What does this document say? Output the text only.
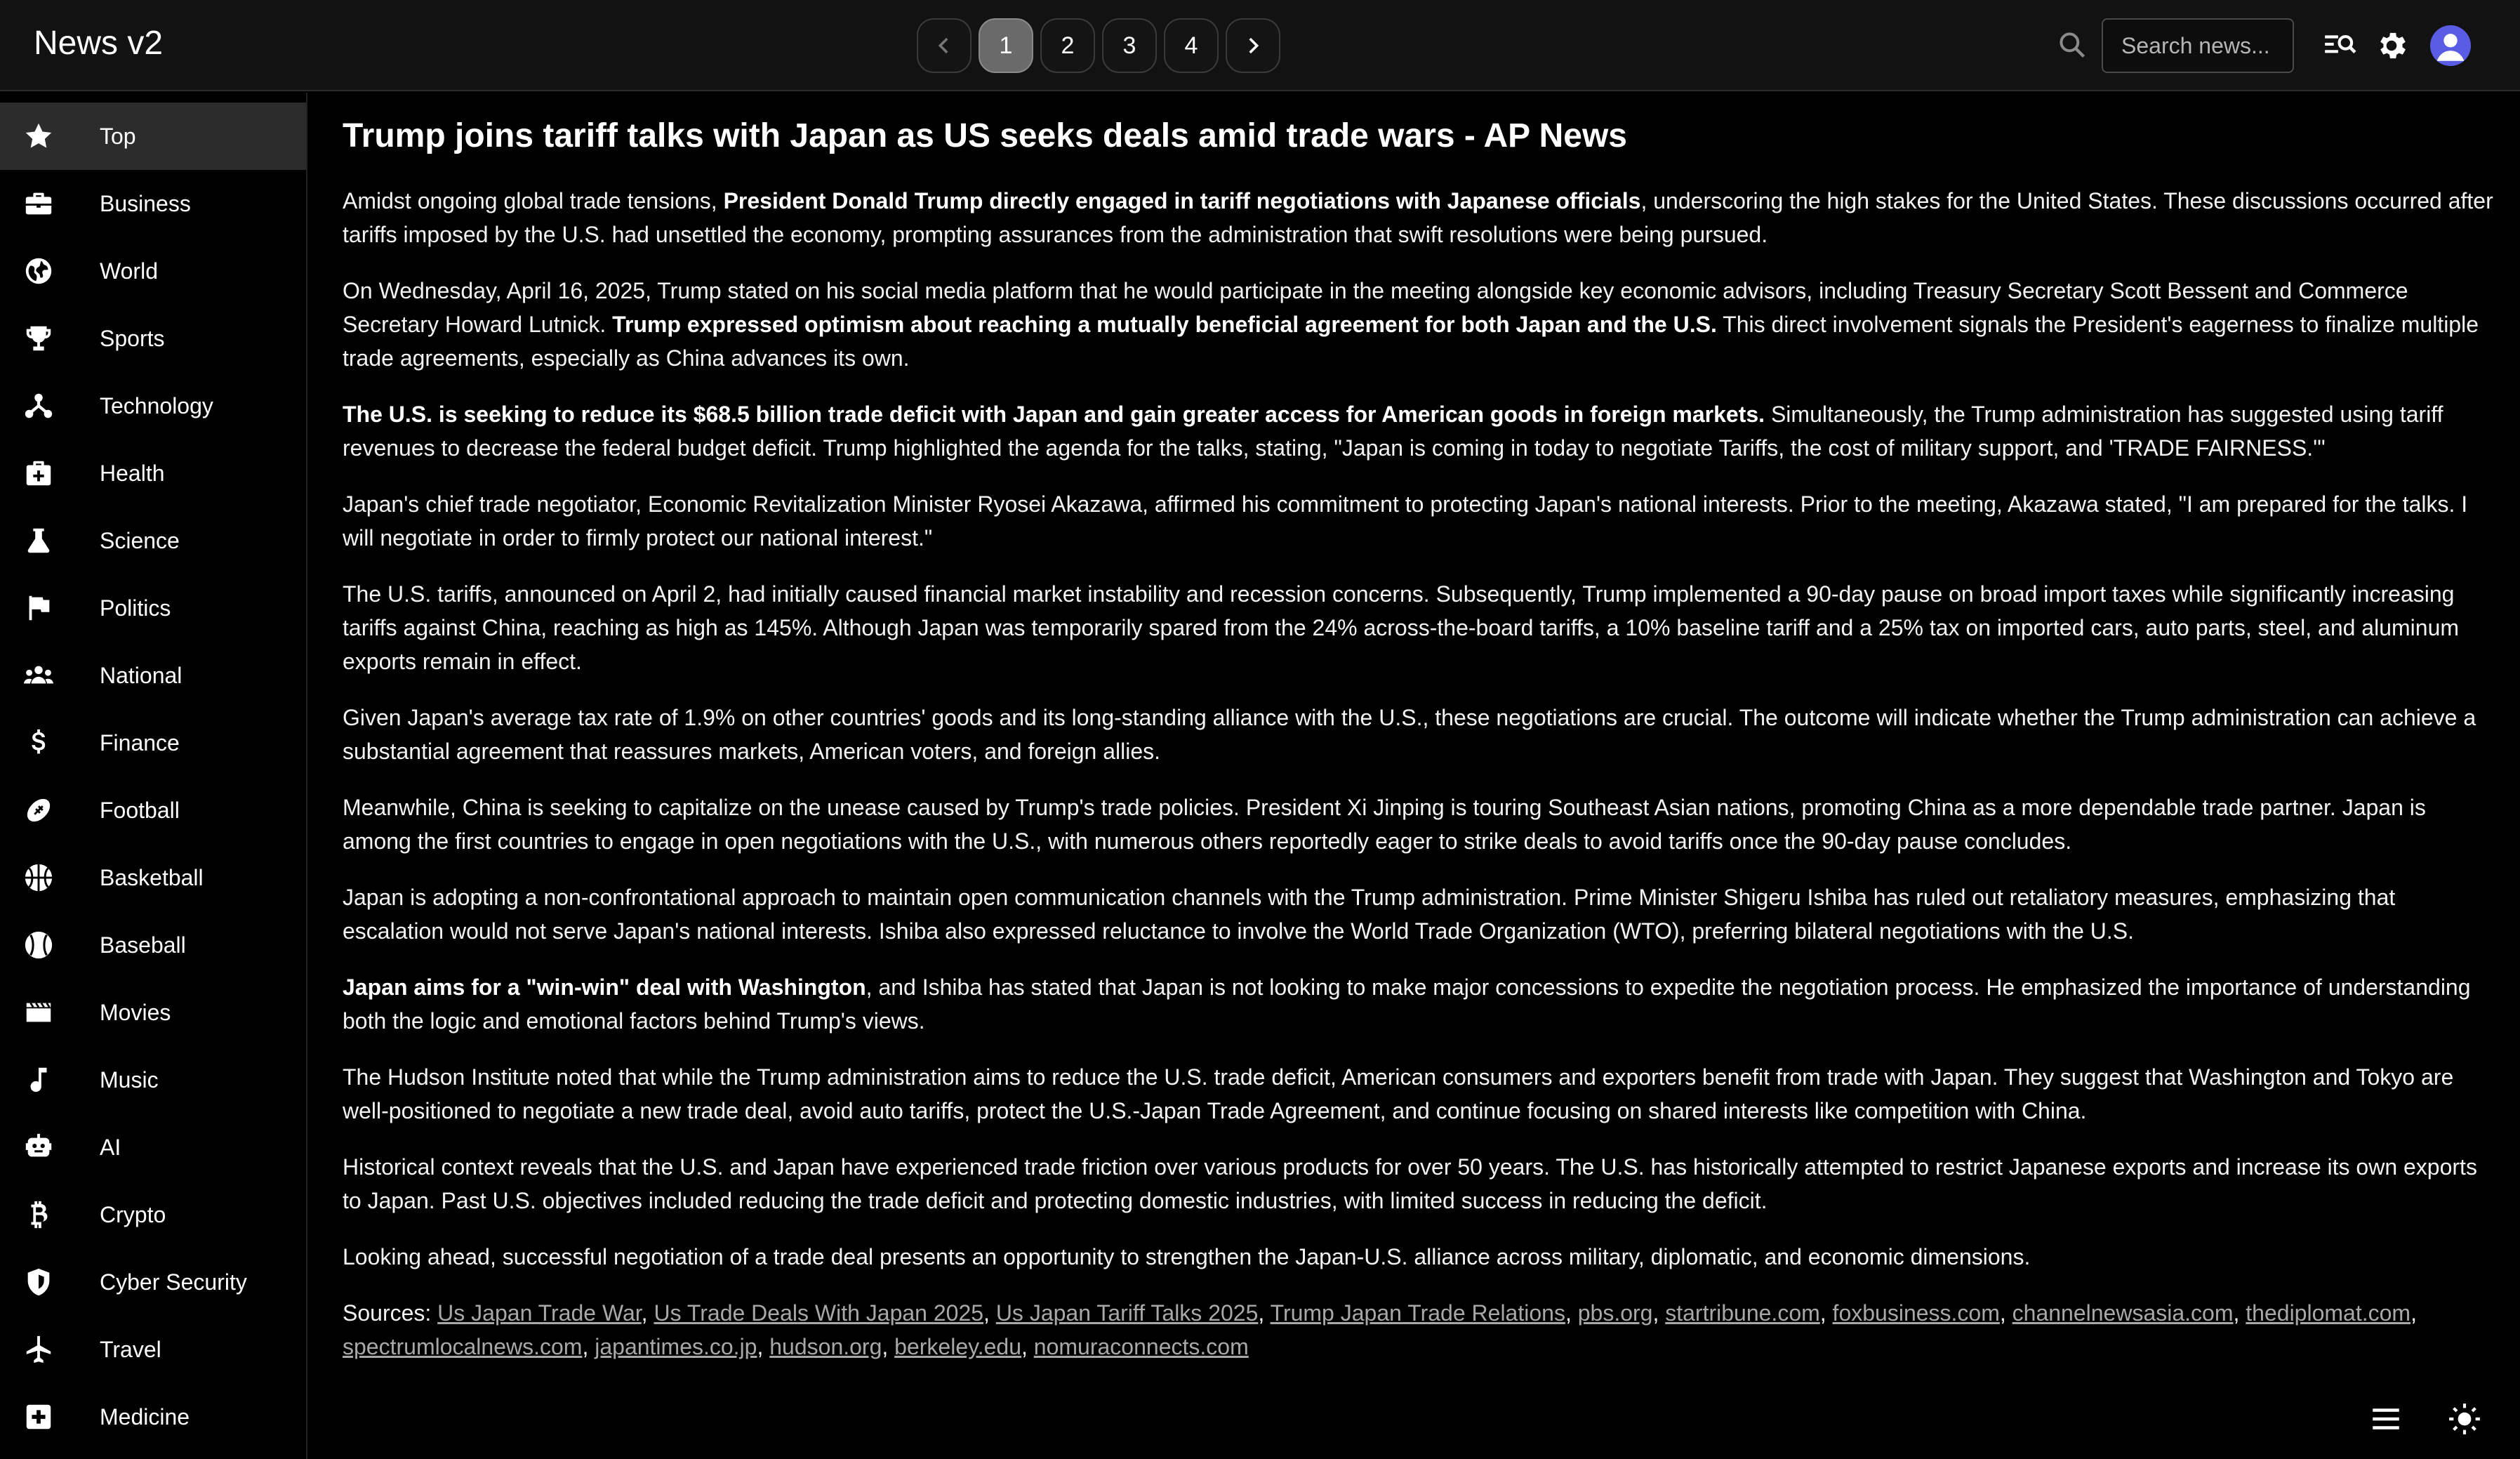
News v2	1	2	3	4
Search news...
Top
Business
World
Sports
Technology
Health
Science
Politics
National
Finance
Football
Basketball
Baseball
Movies
Music
AI
Crypto
Cyber Security
Travel
Medicine
Trump joins tariff talks with Japan as US seeks deals amid trade wars - AP News

Amidst ongoing global trade tensions, President Donald Trump directly engaged in tariff negotiations with Japanese officials, underscoring the high stakes for the United States. These discussions occurred after tariffs imposed by the U.S. had unsettled the economy, prompting assurances from the administration that swift resolutions were being pursued.

On Wednesday, April 16, 2025, Trump stated on his social media platform that he would participate in the meeting alongside key economic advisors, including Treasury Secretary Scott Bessent and Commerce Secretary Howard Lutnick. Trump expressed optimism about reaching a mutually beneficial agreement for both Japan and the U.S. This direct involvement signals the President's eagerness to finalize multiple trade agreements, especially as China advances its own.

The U.S. is seeking to reduce its $68.5 billion trade deficit with Japan and gain greater access for American goods in foreign markets. Simultaneously, the Trump administration has suggested using tariff revenues to decrease the federal budget deficit. Trump highlighted the agenda for the talks, stating, "Japan is coming in today to negotiate Tariffs, the cost of military support, and 'TRADE FAIRNESS.'"

Japan's chief trade negotiator, Economic Revitalization Minister Ryosei Akazawa, affirmed his commitment to protecting Japan's national interests. Prior to the meeting, Akazawa stated, "I am prepared for the talks. I will negotiate in order to firmly protect our national interest."

The U.S. tariffs, announced on April 2, had initially caused financial market instability and recession concerns. Subsequently, Trump implemented a 90-day pause on broad import taxes while significantly increasing tariffs against China, reaching as high as 145%. Although Japan was temporarily spared from the 24% across-the-board tariffs, a 10% baseline tariff and a 25% tax on imported cars, auto parts, steel, and aluminum exports remain in effect.

Given Japan's average tax rate of 1.9% on other countries' goods and its long-standing alliance with the U.S., these negotiations are crucial. The outcome will indicate whether the Trump administration can achieve a substantial agreement that reassures markets, American voters, and foreign allies.

Meanwhile, China is seeking to capitalize on the unease caused by Trump's trade policies. President Xi Jinping is touring Southeast Asian nations, promoting China as a more dependable trade partner. Japan is among the first countries to engage in open negotiations with the U.S., with numerous others reportedly eager to strike deals to avoid tariffs once the 90-day pause concludes.

Japan is adopting a non-confrontational approach to maintain open communication channels with the Trump administration. Prime Minister Shigeru Ishiba has ruled out retaliatory measures, emphasizing that escalation would not serve Japan's national interests. Ishiba also expressed reluctance to involve the World Trade Organization (WTO), preferring bilateral negotiations with the U.S.

Japan aims for a "win-win" deal with Washington, and Ishiba has stated that Japan is not looking to make major concessions to expedite the negotiation process. He emphasized the importance of understanding both the logic and emotional factors behind Trump's views.

The Hudson Institute noted that while the Trump administration aims to reduce the U.S. trade deficit, American consumers and exporters benefit from trade with Japan. They suggest that Washington and Tokyo are well-positioned to negotiate a new trade deal, avoid auto tariffs, protect the U.S.-Japan Trade Agreement, and continue focusing on shared interests like competition with China.

Historical context reveals that the U.S. and Japan have experienced trade friction over various products for over 50 years. The U.S. has historically attempted to restrict Japanese exports and increase its own exports to Japan. Past U.S. objectives included reducing the trade deficit and protecting domestic industries, with limited success in reducing the deficit.

Looking ahead, successful negotiation of a trade deal presents an opportunity to strengthen the Japan-U.S. alliance across military, diplomatic, and economic dimensions.

Sources: Us Japan Trade War, Us Trade Deals With Japan 2025, Us Japan Tariff Talks 2025, Trump Japan Trade Relations, pbs.org, startribune.com, foxbusiness.com, channelnewsasia.com, thediplomat.com, spectrumlocalnews.com, japantimes.co.jp, hudson.org, berkeley.edu, nomuraconnects.com
